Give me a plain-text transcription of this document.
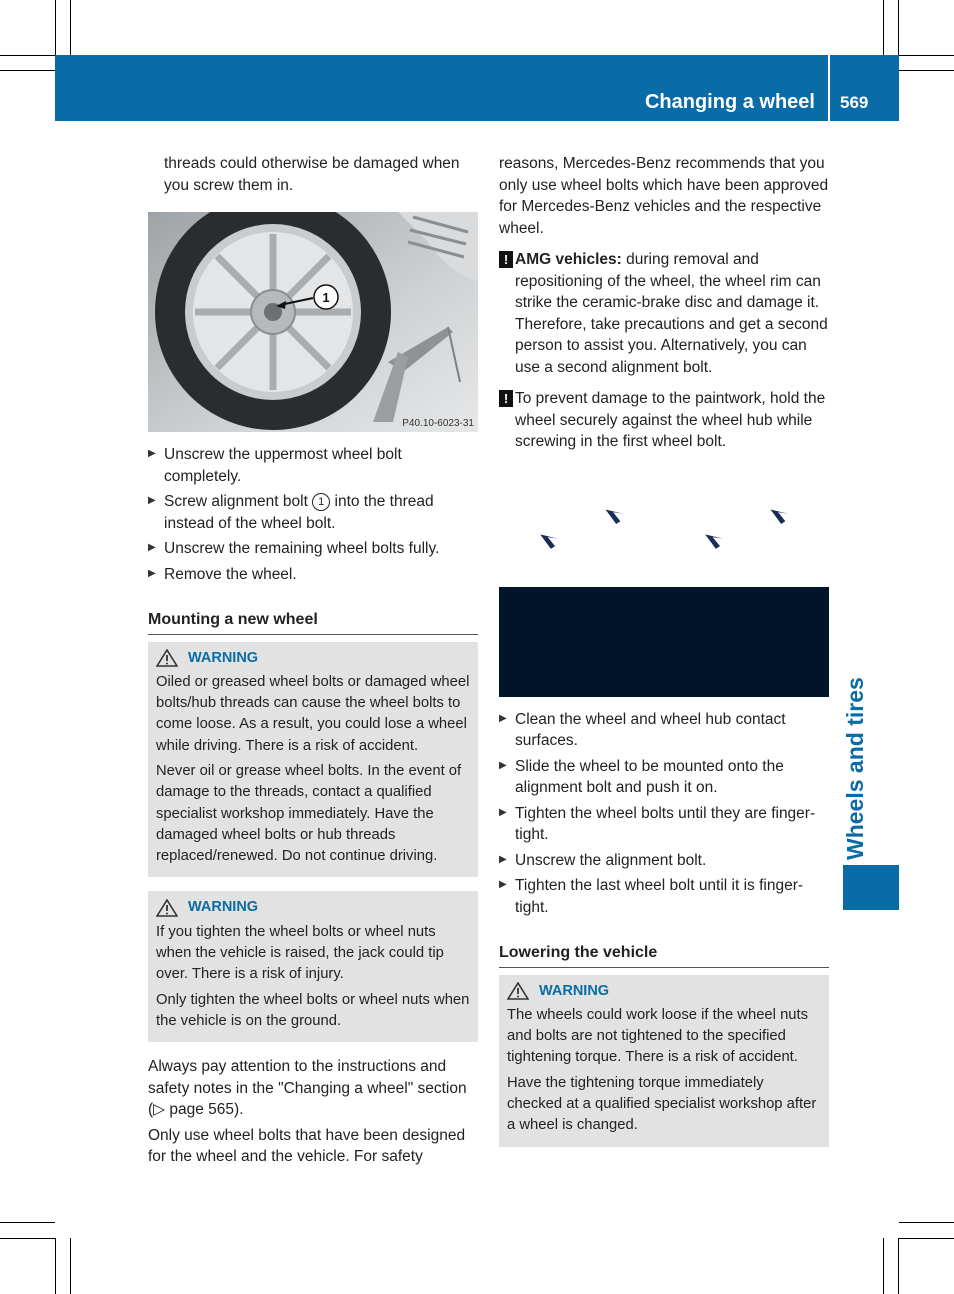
Changing a wheel 569
Wheels and tires

threads could otherwise be damaged when you screw them in.

1
P40.10-6023-31
▶ Unscrew the uppermost wheel bolt completely.
▶ Screw alignment bolt 1 into the thread instead of the wheel bolt.
▶ Unscrew the remaining wheel bolts fully.
▶ Remove the wheel.
Mounting a new wheel
WARNING

Oiled or greased wheel bolts or damaged wheel bolts/hub threads can cause the wheel bolts to come loose. As a result, you could lose a wheel while driving. There is a risk of accident.

Never oil or grease wheel bolts. In the event of damage to the threads, contact a qualified specialist workshop immediately. Have the damaged wheel bolts or hub threads replaced/renewed. Do not continue driving.

WARNING

If you tighten the wheel bolts or wheel nuts when the vehicle is raised, the jack could tip over. There is a risk of injury.

Only tighten the wheel bolts or wheel nuts when the vehicle is on the ground.

Always pay attention to the instructions and safety notes in the "Changing a wheel" section (▷ page 565).

Only use wheel bolts that have been designed for the wheel and the vehicle. For safety

reasons, Mercedes-Benz recommends that you only use wheel bolts which have been approved for Mercedes-Benz vehicles and the respective wheel.

! AMG vehicles: during removal and repositioning of the wheel, the wheel rim can strike the ceramic-brake disc and damage it. Therefore, take precautions and get a second person to assist you. Alternatively, you can use a second alignment bolt.
! To prevent damage to the paintwork, hold the wheel securely against the wheel hub while screwing in the first wheel bolt.
▶ Clean the wheel and wheel hub contact surfaces.
▶ Slide the wheel to be mounted onto the alignment bolt and push it on.
▶ Tighten the wheel bolts until they are finger-tight.
▶ Unscrew the alignment bolt.
▶ Tighten the last wheel bolt until it is finger-tight.
Lowering the vehicle
WARNING

The wheels could work loose if the wheel nuts and bolts are not tightened to the specified tightening torque. There is a risk of accident.

Have the tightening torque immediately checked at a qualified specialist workshop after a wheel is changed.
